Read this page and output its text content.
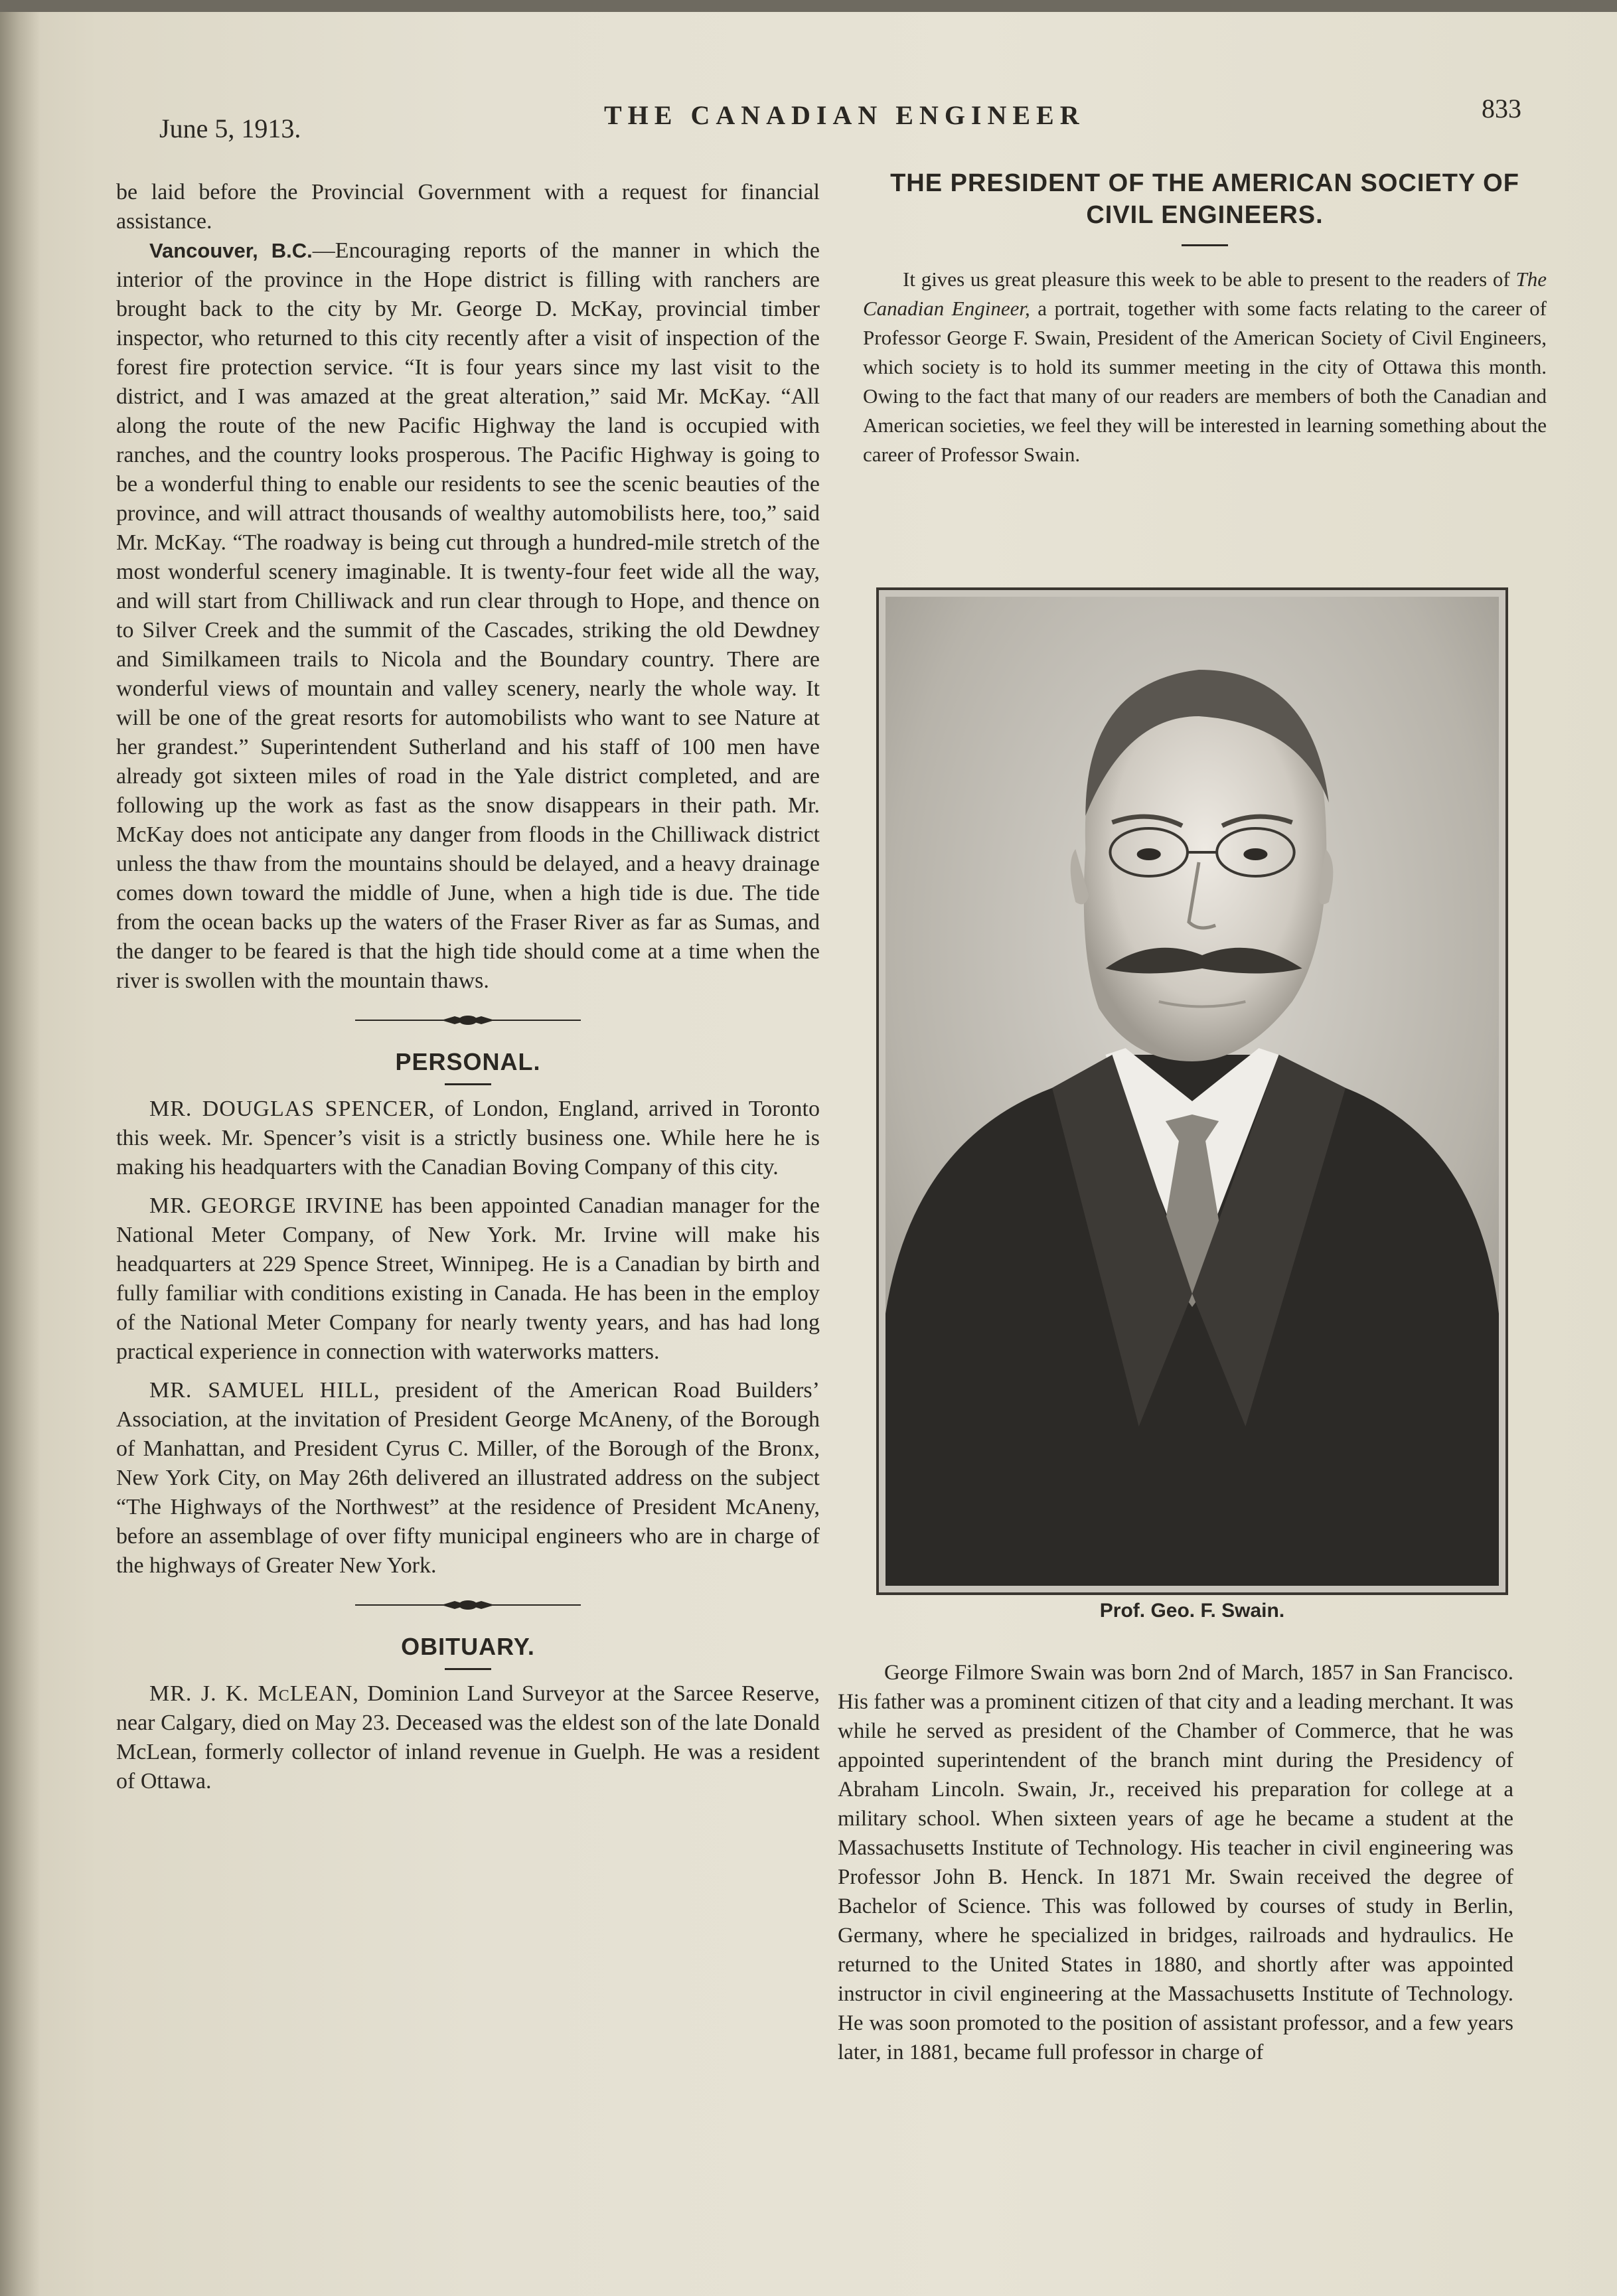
June 5, 1913.	THE CANADIAN ENGINEER	833

be laid before the Provincial Government with a request for financial assistance.

Vancouver, B.C.—Encouraging reports of the manner in which the interior of the province in the Hope district is filling with ranchers are brought back to the city by Mr. George D. McKay, provincial timber inspector, who returned to this city recently after a visit of inspection of the forest fire protection service. “It is four years since my last visit to the district, and I was amazed at the great alteration,” said Mr. McKay. “All along the route of the new Pacific Highway the land is occupied with ranches, and the country looks prosperous. The Pacific Highway is going to be a wonderful thing to enable our residents to see the scenic beauties of the province, and will attract thousands of wealthy automobilists here, too,” said Mr. McKay. “The roadway is being cut through a hundred-mile stretch of the most wonderful scenery imaginable. It is twenty-four feet wide all the way, and will start from Chilliwack and run clear through to Hope, and thence on to Silver Creek and the summit of the Cascades, striking the old Dewdney and Similkameen trails to Nicola and the Boundary country. There are wonderful views of mountain and valley scenery, nearly the whole way. It will be one of the great resorts for automobilists who want to see Nature at her grandest.” Superintendent Sutherland and his staff of 100 men have already got sixteen miles of road in the Yale district completed, and are following up the work as fast as the snow disappears in their path. Mr. McKay does not anticipate any danger from floods in the Chilliwack district unless the thaw from the mountains should be delayed, and a heavy drainage comes down toward the middle of June, when a high tide is due. The tide from the ocean backs up the waters of the Fraser River as far as Sumas, and the danger to be feared is that the high tide should come at a time when the river is swollen with the mountain thaws.

PERSONAL.

MR. DOUGLAS SPENCER, of London, England, arrived in Toronto this week. Mr. Spencer’s visit is a strictly business one. While here he is making his headquarters with the Canadian Boving Company of this city.

MR. GEORGE IRVINE has been appointed Canadian manager for the National Meter Company, of New York. Mr. Irvine will make his headquarters at 229 Spence Street, Winnipeg. He is a Canadian by birth and fully familiar with conditions existing in Canada. He has been in the employ of the National Meter Company for nearly twenty years, and has had long practical experience in connection with waterworks matters.

MR. SAMUEL HILL, president of the American Road Builders’ Association, at the invitation of President George McAneny, of the Borough of Manhattan, and President Cyrus C. Miller, of the Borough of the Bronx, New York City, on May 26th delivered an illustrated address on the subject “The Highways of the Northwest” at the residence of President McAneny, before an assemblage of over fifty municipal engineers who are in charge of the highways of Greater New York.

OBITUARY.

MR. J. K. McLEAN, Dominion Land Surveyor at the Sarcee Reserve, near Calgary, died on May 23. Deceased was the eldest son of the late Donald McLean, formerly collector of inland revenue in Guelph. He was a resident of Ottawa.

THE PRESIDENT OF THE AMERICAN SOCIETY OF CIVIL ENGINEERS.

It gives us great pleasure this week to be able to present to the readers of The Canadian Engineer, a portrait, together with some facts relating to the career of Professor George F. Swain, President of the American Society of Civil Engineers, which society is to hold its summer meeting in the city of Ottawa this month. Owing to the fact that many of our readers are members of both the Canadian and American societies, we feel they will be interested in learning something about the career of Professor Swain.

Prof. Geo. F. Swain.

George Filmore Swain was born 2nd of March, 1857 in San Francisco. His father was a prominent citizen of that city and a leading merchant. It was while he served as president of the Chamber of Commerce, that he was appointed superintendent of the branch mint during the Presidency of Abraham Lincoln. Swain, Jr., received his preparation for college at a military school. When sixteen years of age he became a student at the Massachusetts Institute of Technology. His teacher in civil engineering was Professor John B. Henck. In 1871 Mr. Swain received the degree of Bachelor of Science. This was followed by courses of study in Berlin, Germany, where he specialized in bridges, railroads and hydraulics. He returned to the United States in 1880, and shortly after was appointed instructor in civil engineering at the Massachusetts Institute of Technology. He was soon promoted to the position of assistant professor, and a few years later, in 1881, became full professor in charge of
